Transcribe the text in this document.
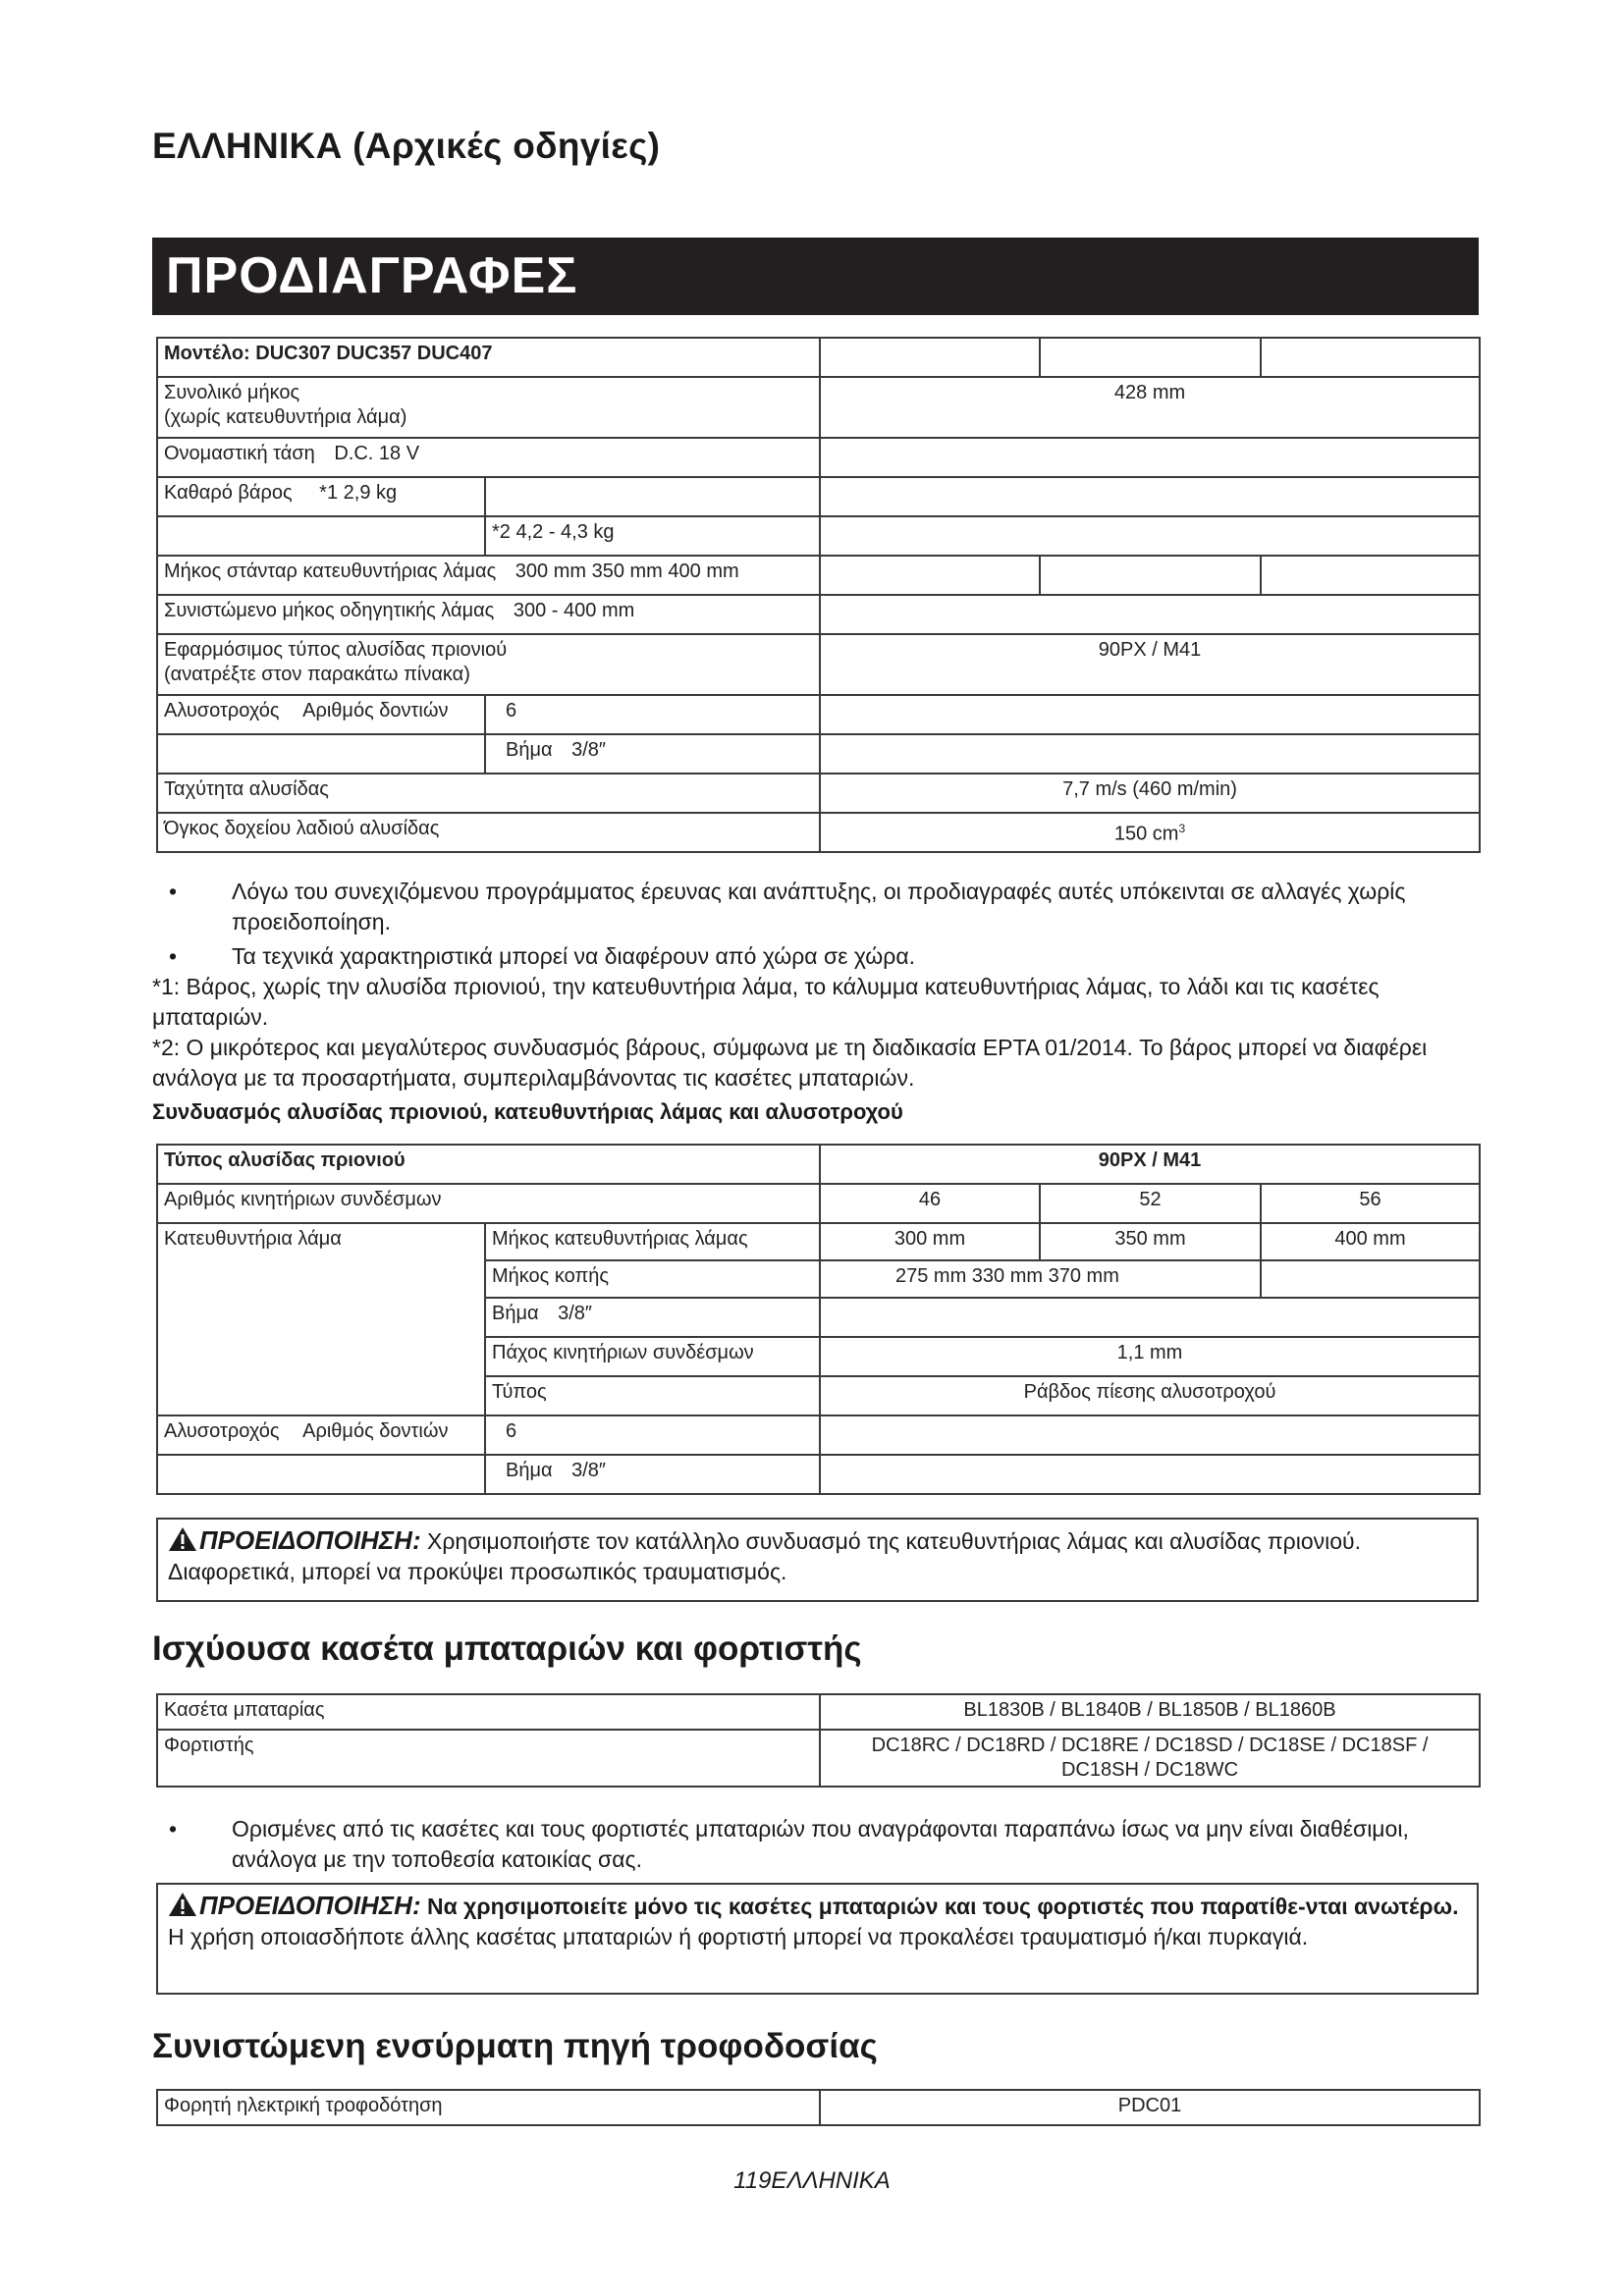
ΕΛΛΗΝΙΚΑ (Αρχικές οδηγίες)
ΠΡΟΔΙΑΓΡΑΦΕΣ
Μοντέλο: DUC307 DUC357 DUC407				
Συνολικό μήκος
(χωρίς κατευθυντήρια λάμα)		428 mm		
Ονομαστική τάση D.C. 18 V				
Καθαρό βάρος *1 2,9 kg				
	*2 4,2 - 4,3 kg			
Μήκος στάνταρ κατευθυντήριας λάμας 300 mm 350 mm 400 mm				
Συνιστώμενο μήκος οδηγητικής λάμας 300 - 400 mm				
Εφαρμόσιμος τύπος αλυσίδας πριονιού
(ανατρέξτε στον παρακάτω πίνακα)		90PX / M41		
Αλυσοτροχός Αριθμός δοντιών	6			
	Βήμα 3/8″			
Ταχύτητα αλυσίδας		7,7 m/s (460 m/min)		
Όγκος δοχείου λαδιού αλυσίδας		150 $cm^3$
• Λόγω του συνεχιζόμενου προγράμματος έρευνας και ανάπτυξης, οι προδιαγραφές αυτές υπόκεινται σε αλλαγές χωρίς προειδοποίηση.
• Τα τεχνικά χαρακτηριστικά μπορεί να διαφέρουν από χώρα σε χώρα.
*1: Βάρος, χωρίς την αλυσίδα πριονιού, την κατευθυντήρια λάμα, το κάλυμμα κατευθυντήριας λάμας, το λάδι και τις κασέτες μπαταριών.
*2: Ο μικρότερος και μεγαλύτερος συνδυασμός βάρους, σύμφωνα με τη διαδικασία EPTA 01/2014. Το βάρος μπορεί να διαφέρει ανάλογα με τα προσαρτήματα, συμπεριλαμβάνοντας τις κασέτες μπαταριών.
Συνδυασμός αλυσίδας πριονιού, κατευθυντήριας λάμας και αλυσοτροχού
Τύπος αλυσίδας πριονιού		90PX / M41		
Αριθμός κινητήριων συνδέσμων		46	52	56
Κατευθυντήρια λάμα	Μήκος κατευθυντήριας λάμας	300 mm	350 mm	400 mm
	Μήκος κοπής	275 mm 330 mm 370 mm		
	Βήμα 3/8″			
	Πάχος κινητήριων συνδέσμων	1,1 mm		
	Τύπος	Ράβδος πίεσης αλυσοτροχού		
Αλυσοτροχός Αριθμός δοντιών	6			
	Βήμα 3/8″			
ΠΡΟΕΙΔΟΠΟΙΗΣΗ: Χρησιμοποιήστε τον κατάλληλο συνδυασμό της κατευθυντήριας λάμας και αλυσίδας πριονιού. Διαφορετικά, μπορεί να προκύψει προσωπικός τραυματισμός.
Ισχύουσα κασέτα μπαταριών και φορτιστής
Κασέτα μπαταρίας	BL1830B / BL1840B / BL1850B / BL1860B
Φορτιστής	DC18RC / DC18RD / DC18RE / DC18SD / DC18SE / DC18SF /
DC18SH / DC18WC
• Ορισμένες από τις κασέτες και τους φορτιστές μπαταριών που αναγράφονται παραπάνω ίσως να μην είναι διαθέσιμοι, ανάλογα με την τοποθεσία κατοικίας σας.
ΠΡΟΕΙΔΟΠΟΙΗΣΗ: Να χρησιμοποιείτε μόνο τις κασέτες μπαταριών και τους φορτιστές που παρατίθε-νται ανωτέρω. Η χρήση οποιασδήποτε άλλης κασέτας μπαταριών ή φορτιστή μπορεί να προκαλέσει τραυματισμό ή/και πυρκαγιά.
Συνιστώμενη ενσύρματη πηγή τροφοδοσίας
Φορητή ηλεκτρική τροφοδότηση	PDC01
119ΕΛΛΗΝΙΚΑ
